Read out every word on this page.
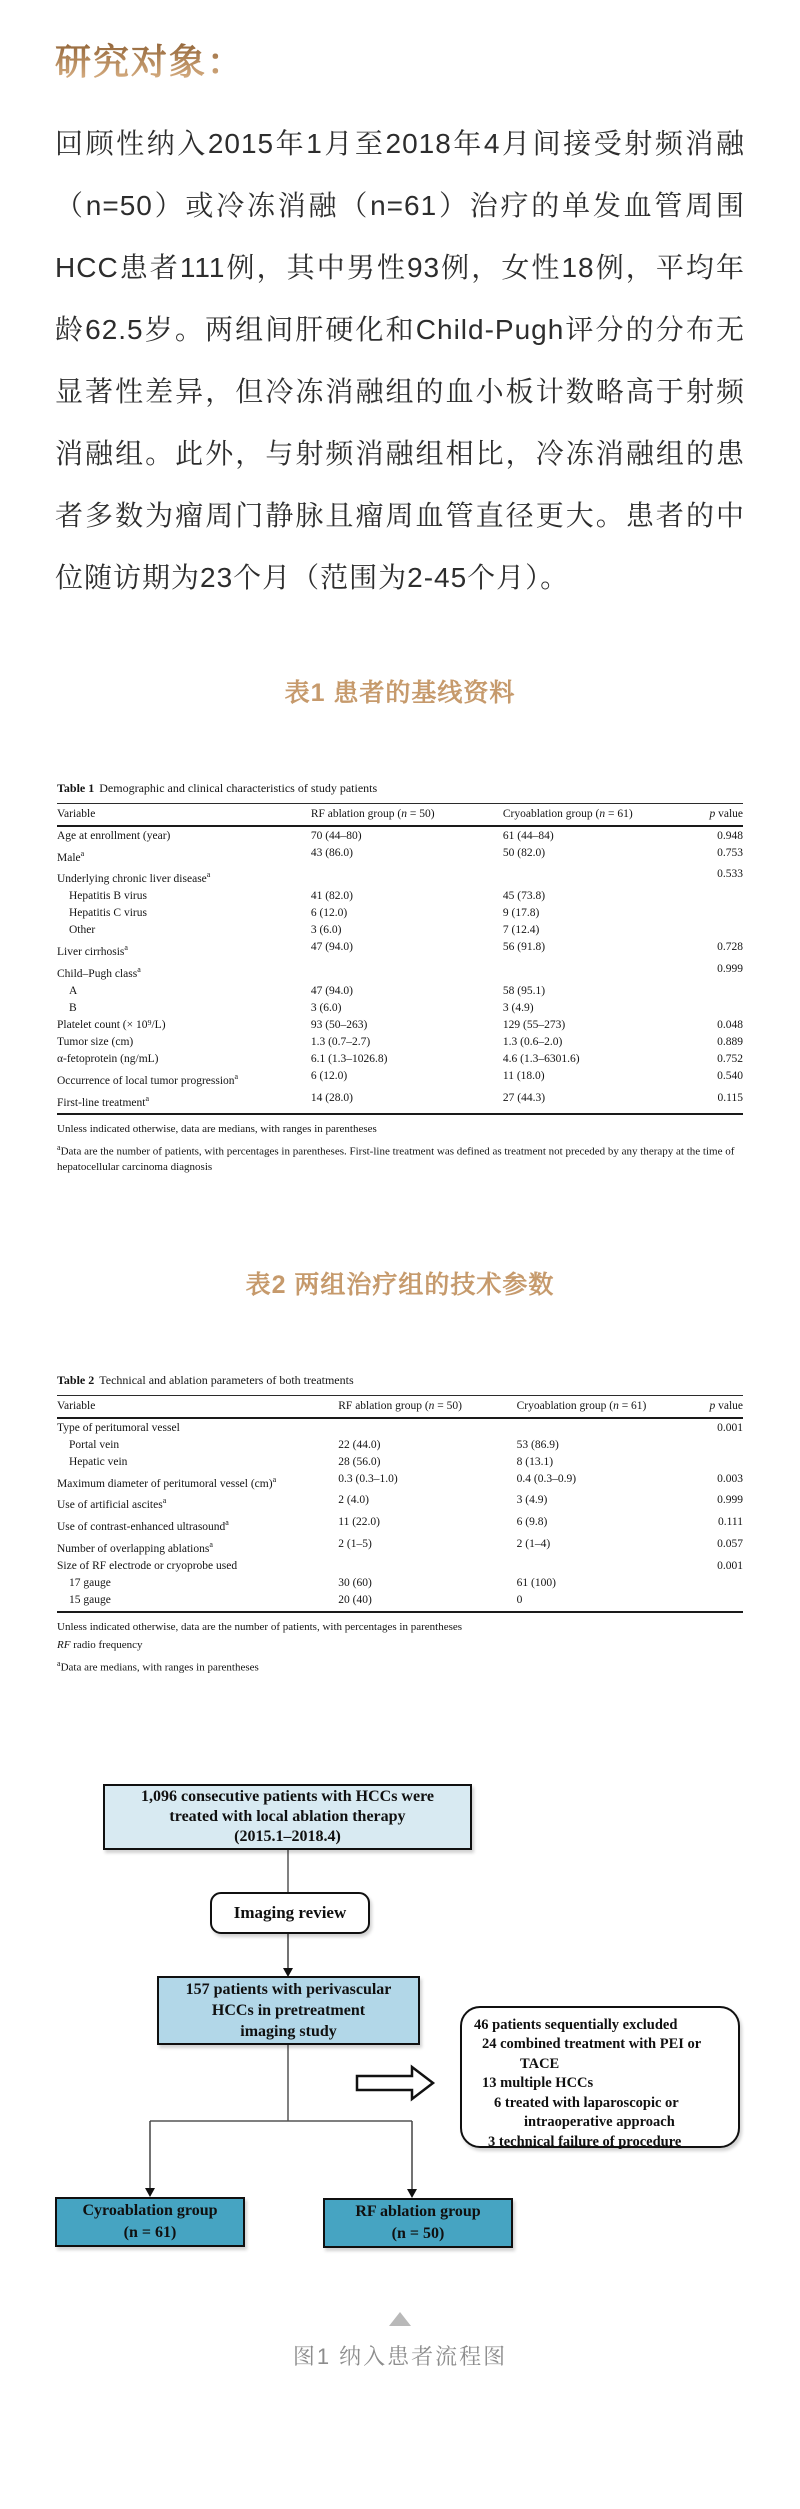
研究对象：

回顾性纳入2015年1月至2018年4月间接受射频消融（n=50）或冷冻消融（n=61）治疗的单发血管周围HCC患者111例，其中男性93例，女性18例，平均年龄62.5岁。两组间肝硬化和Child-Pugh评分的分布无显著性差异，但冷冻消融组的血小板计数略高于射频消融组。此外，与射频消融组相比，冷冻消融组的患者多数为瘤周门静脉且瘤周血管直径更大。患者的中位随访期为23个月（范围为2-45个月）。

表1 患者的基线资料
Table 1 Demographic and clinical characteristics of study patients
Variable	RF ablation group (n = 50)	Cryoablation group (n = 61)	p value
Age at enrollment (year)	70 (44–80)	61 (44–84)	0.948
Male$^a$	43 (86.0)	50 (82.0)	0.753
Underlying chronic liver disease$^a$			0.533
Hepatitis B virus	41 (82.0)	45 (73.8)	
Hepatitis C virus	6 (12.0)	9 (17.8)	
Other	3 (6.0)	7 (12.4)	
Liver cirrhosis$^a$	47 (94.0)	56 (91.8)	0.728
Child–Pugh class$^a$			0.999
A	47 (94.0)	58 (95.1)	
B	3 (6.0)	3 (4.9)	
Platelet count (× 10⁹/L)	93 (50–263)	129 (55–273)	0.048
Tumor size (cm)	1.3 (0.7–2.7)	1.3 (0.6–2.0)	0.889
α-fetoprotein (ng/mL)	6.1 (1.3–1026.8)	4.6 (1.3–6301.6)	0.752
Occurrence of local tumor progression$^a$	6 (12.0)	11 (18.0)	0.540
First-line treatment$^a$	14 (28.0)	27 (44.3)	0.115
Unless indicated otherwise, data are medians, with ranges in parentheses
$^a$Data are the number of patients, with percentages in parentheses. First-line treatment was defined as treatment not preceded by any therapy at the time of hepatocellular carcinoma diagnosis
表2 两组治疗组的技术参数
Table 2 Technical and ablation parameters of both treatments
Variable	RF ablation group (n = 50)	Cryoablation group (n = 61)	p value
Type of peritumoral vessel			0.001
Portal vein	22 (44.0)	53 (86.9)	
Hepatic vein	28 (56.0)	8 (13.1)	
Maximum diameter of peritumoral vessel (cm)$^a$	0.3 (0.3–1.0)	0.4 (0.3–0.9)	0.003
Use of artificial ascites$^a$	2 (4.0)	3 (4.9)	0.999
Use of contrast-enhanced ultrasound$^a$	11 (22.0)	6 (9.8)	0.111
Number of overlapping ablations$^a$	2 (1–5)	2 (1–4)	0.057
Size of RF electrode or cryoprobe used			0.001
17 gauge	30 (60)	61 (100)	
15 gauge	20 (40)	0	
Unless indicated otherwise, data are the number of patients, with percentages in parentheses
RF radio frequency
$^a$Data are medians, with ranges in parentheses
1,096 consecutive patients with HCCs were
treated with local ablation therapy
(2015.1–2018.4)
Imaging review
157 patients with perivascular
HCCs in pretreatment
imaging study	46 patients sequentially excluded
24 combined treatment with PEI or
TACE
13 multiple HCCs
6 treated with laparoscopic or
intraoperative approach
3 technical failure of procedure
Cyroablation group
(n = 61)
RF ablation group
(n = 50)
图1 纳入患者流程图
